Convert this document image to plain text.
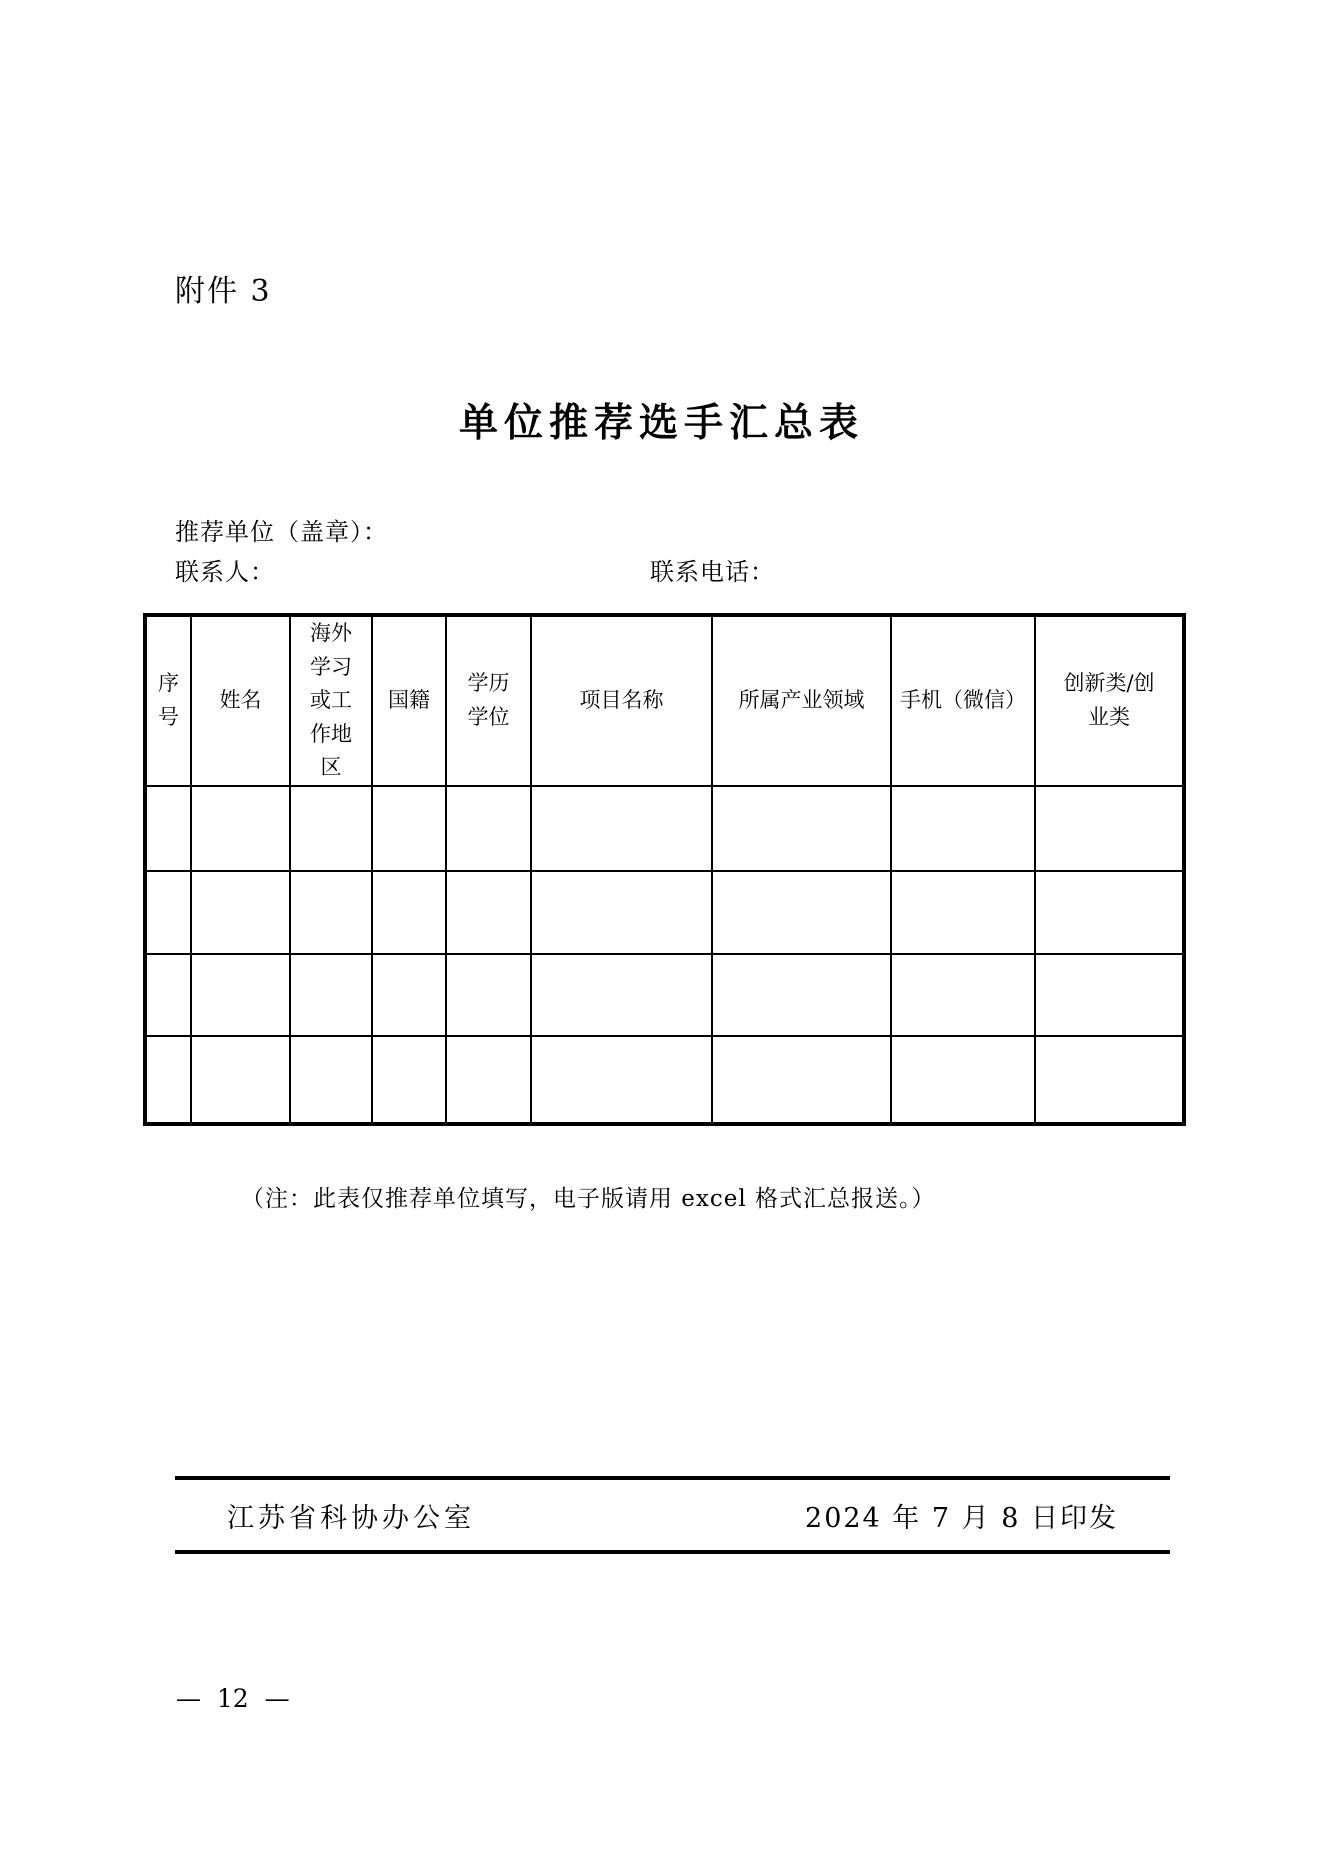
附件 3
单位推荐选手汇总表
推荐单位（盖章）：
联系人：	联系电话：
序号	姓名	海外学习或工作地区	国籍	学历学位	项目名称	所属产业领域	手机（微信）	创新类/创业类

（注：此表仅推荐单位填写，电子版请用 excel 格式汇总报送。）
江苏省科协办公室	2024 年 7 月 8 日印发
—  12  —
